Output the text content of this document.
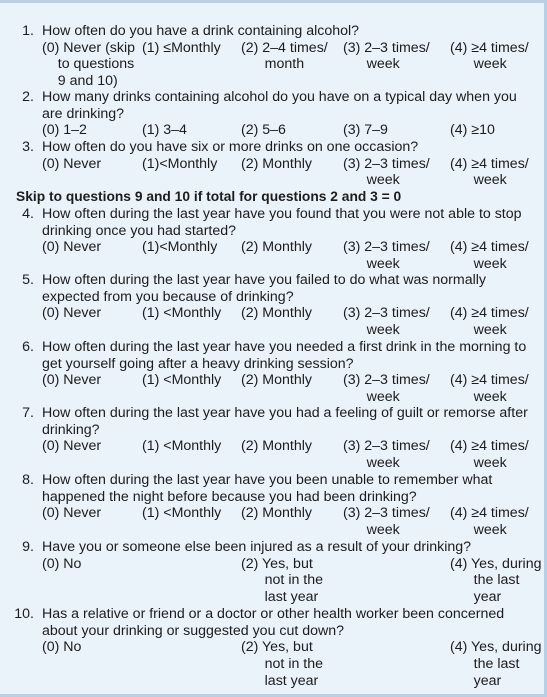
1. How often do you have a drink containing alcohol?
(0) Never (skip
to questions
9 and 10)
(1) ≤Monthly (2) 2–4 times/
month
(3) 2–3 times/
week
(4) ≥4 times/
week
2. How many drinks containing alcohol do you have on a typical day when you
are drinking?
(0) 1–2	(1) 3–4	(2) 5–6	(3) 7–9	(4) ≥10
3. How often do you have six or more drinks on one occasion?
(0) Never	(1)<Monthly (2) Monthly (3) 2–3 times/
week
(4) ≥4 times/
week
4. How often during the last year have you found that you were not able to stop
drinking once you had started?
(0) Never	(1)<Monthly (2) Monthly (3) 2–3 times/
week
(4) ≥4 times/
week
5. How often during the last year have you failed to do what was normally
expected from you because of drinking?
(0) Never	(1) <Monthly (2) Monthly (3) 2–3 times/
week
(4) ≥4 times/
week
6. How often during the last year have you needed a first drink in the morning to
get yourself going after a heavy drinking session?
(0) Never	(1) <Monthly (2) Monthly (3) 2–3 times/
week
(4) ≥4 times/
week
7. How often during the last year have you had a feeling of guilt or remorse after
drinking?
(0) Never	(1) <Monthly (2) Monthly (3) 2–3 times/
week
(4) ≥4 times/
week
8. How often during the last year have you been unable to remember what
happened the night before because you had been drinking?
(0) Never	(1) <Monthly (2) Monthly (3) 2–3 times/
week
(4) ≥4 times/
week
9. Have you or someone else been injured as a result of your drinking?
(0) No	(2) Yes, but
not in the
last year
(4) Yes, during
the last
year
10. Has a relative or friend or a doctor or other health worker been concerned
about your drinking or suggested you cut down?
(0) No	(2) Yes, but
not in the
last year
(4) Yes, during
the last
year
Skip to questions 9 and 10 if total for questions 2 and 3 = 0
